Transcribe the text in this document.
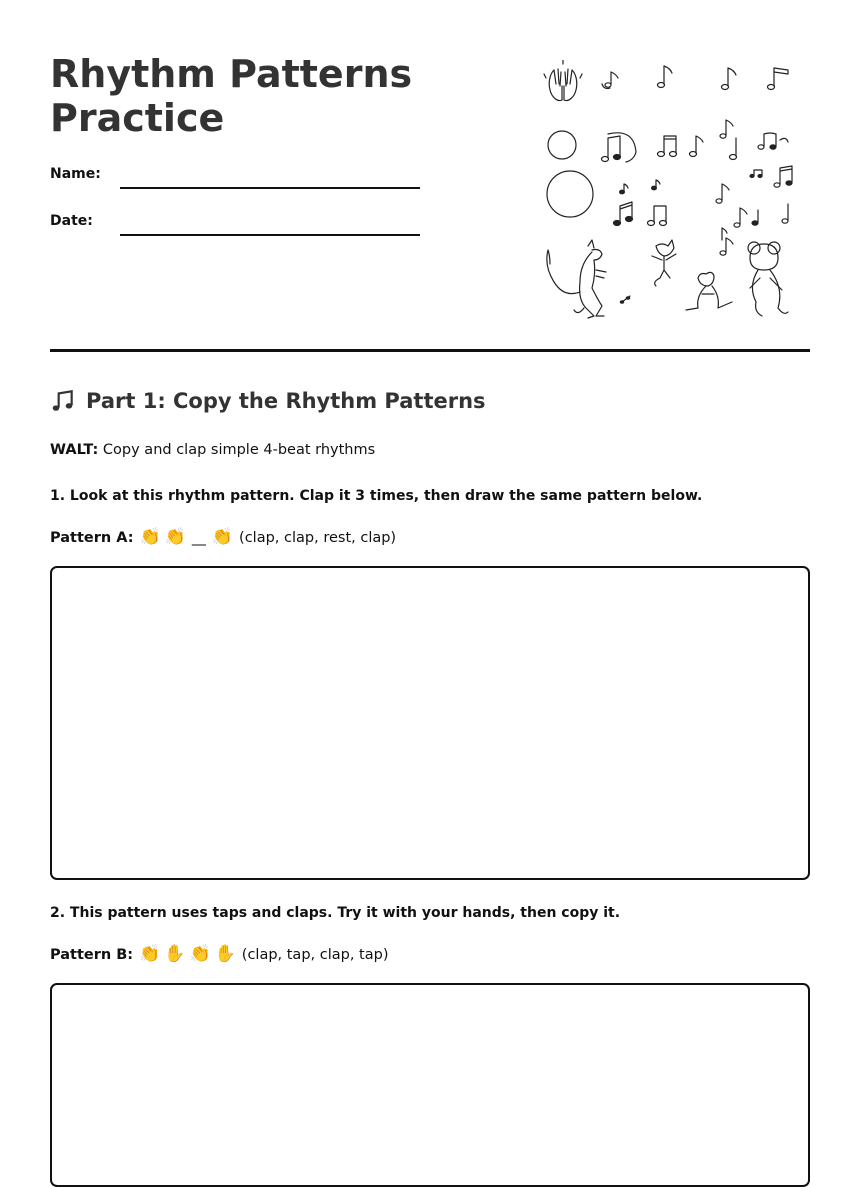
Rhythm Patterns Practice
Name:
Date:
Part 1: Copy the Rhythm Patterns
WALT: Copy and clap simple 4-beat rhythms
1. Look at this rhythm pattern. Clap it 3 times, then draw the same pattern below.
Pattern A: 👏 👏 __ 👏 (clap, clap, rest, clap)
2. This pattern uses taps and claps. Try it with your hands, then copy it.
Pattern B: 👏 ✋ 👏 ✋ (clap, tap, clap, tap)
